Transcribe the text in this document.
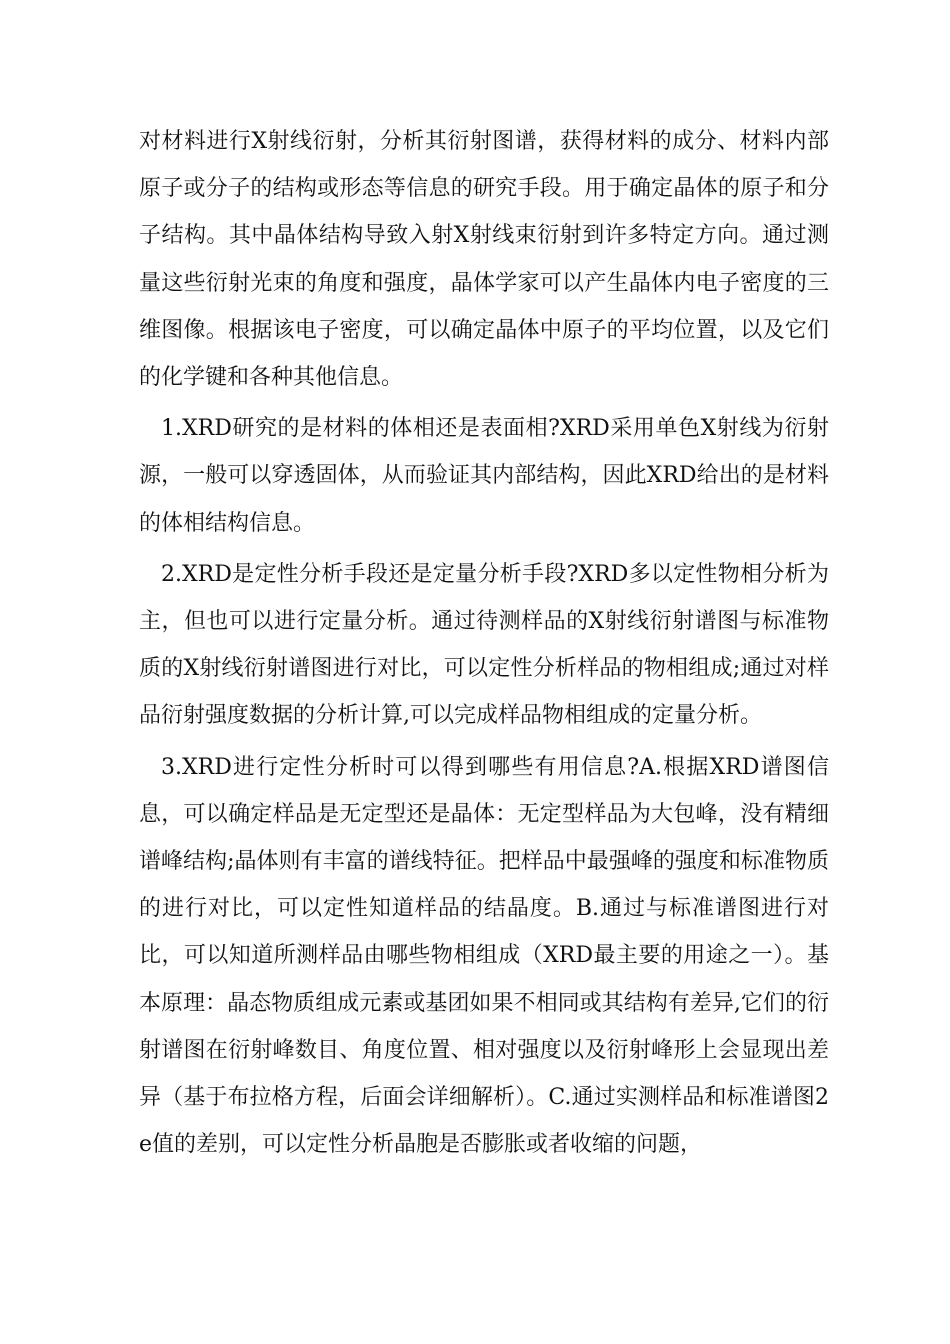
对材料进行X射线衍射，分析其衍射图谱，获得材料的成分、材料内部原子或分子的结构或形态等信息的研究手段。用于确定晶体的原子和分子结构。其中晶体结构导致入射X射线束衍射到许多特定方向。通过测量这些衍射光束的角度和强度，晶体学家可以产生晶体内电子密度的三维图像。根据该电子密度，可以确定晶体中原子的平均位置，以及它们的化学键和各种其他信息。

1.XRD研究的是材料的体相还是表面相?XRD采用单色X射线为衍射源，一般可以穿透固体，从而验证其内部结构，因此XRD给出的是材料的体相结构信息。

2.XRD是定性分析手段还是定量分析手段?XRD多以定性物相分析为主，但也可以进行定量分析。通过待测样品的X射线衍射谱图与标准物质的X射线衍射谱图进行对比，可以定性分析样品的物相组成;通过对样品衍射强度数据的分析计算,可以完成样品物相组成的定量分析。

3.XRD进行定性分析时可以得到哪些有用信息?A.根据XRD谱图信息，可以确定样品是无定型还是晶体：无定型样品为大包峰，没有精细谱峰结构;晶体则有丰富的谱线特征。把样品中最强峰的强度和标准物质的进行对比，可以定性知道样品的结晶度。B.通过与标准谱图进行对比，可以知道所测样品由哪些物相组成（XRD最主要的用途之一）。基本原理：晶态物质组成元素或基团如果不相同或其结构有差异,它们的衍射谱图在衍射峰数目、角度位置、相对强度以及衍射峰形上会显现出差异（基于布拉格方程，后面会详细解析）。C.通过实测样品和标准谱图2e值的差别，可以定性分析晶胞是否膨胀或者收缩的问题，
